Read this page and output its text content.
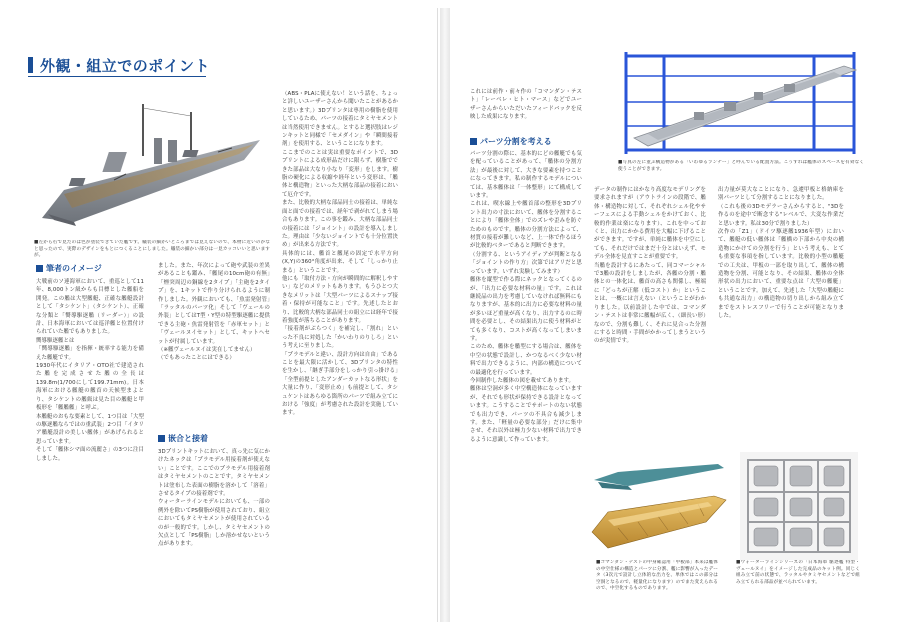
外観・組立でのポイント
■左から右で見たのは色が塗装できていた艦です。艤装の細かいところまでは見えないので、本物に近いのかなと思ったので、実際のデザインをもとにつくることにしました。艤装の細かい部分は一見カッコいいと思いますが。
筆者のイメージ
大戦前のソ連海軍において、重巡として11年、8,000トン級からも目標とした艦船を開発。この艦は大型艦艇、正確な艦艇設計として「タシケント」（タシケント）、正確な分類と「嚮導駆逐艦（リーダー）」の設計、日本海軍においては巡洋艦と位置付けられていた艦でもありました。
嚮導駆逐艦とは
「嚮導駆逐艦」を指揮・統率する能力を備えた艦艇です。
1930年代にイタリア・OTO社で建造された艦を完成させた艦の全長は139.8m(1/700にして199.71mm)。日本海軍における艦艇の艦首の天候型まよとり、タシケントの艦級は見た目の艦艇と甲板形を「艦艦艦」と呼ぶ。
本艦艇のおもな要素として、1つ目は「大型の駆逐艦ならではの重武装」2つ目「イタリア艦艇設計の美しい艦体」があげられると思っています。
そして「艦体シマ面の流麗さ」の3つに注目しました。
ました。また、年次によって砲や武装の差異があることも鑑み、「艦尾の10cm砲の有無」「煙突周辺の銅線を2タイプ」「主砲を2タイプ」を、1キットで作り分けられるように制作しました。外観においても、「魚雷発射管」「ラッタルのパーツ化」そして「ヴェールの外装」としてはT型・Y型の特型駆逐艦に提供できる主砲・魚雷発射管を「赤軍セット」と「ヴェールヌイセット」として、キットへセットが付属しています。
（※艦ヴェールヌイは実在してません）
（でもあったことにはできる）
嵌合と接着
3Dプリントキットにおいて、真っ先に気にかけたネックは「プラモデル用接着剤が使えない」ことです。ここでのプラモデル用接着剤はタミヤセメントのことです。タミヤセメントは塗布した表面の樹脂を溶かして「溶着」させるタイプの接着剤です。
ウォーターラインモデルにおいても、一部の例外を除いてPS樹脂が使用されており、組立においてもタミヤセメントが使用されているのが一般的です。しかし、タミヤセメントの欠点として「PS樹脂」しか溶かせないという点があります。
（ABS・PLAに使えない！という話を、ちょっと詳しいユーザーさんから聞いたことがあるかと思います。）3Dプリンタは専用の樹脂を使用しているため、パーツの接着にタミヤセメントは当然使用できません。とすると選択肢はレジンキットと同様で「セメダイン」や「瞬間接着剤」を使用する、ということになります。
ここまでのことは実は重要なポイントで、3Dプリントによる成形品だけに限らず、樹脂でできた部品は大なり小なり「変形」をします。樹脂の硬化による収縮や経年という変形は、「艦体と構造物」といった大柄な部品の接着において厄介です。
また、比較的大柄な部品同士の接着は、単純な面と面での接着では、経年で剥がれてしまう場合もあります。この事を鑑み、大柄な部品同士の接着には「ジョイント」の設計を導入しました。理由は「少ないジョイントでも十分位置決め」が出来る方法です。
具体的には、艦首と艦尾の固定で水平方向(X,Y)の360°角度が出来、そして「しっかり止まる」ということです。
他にも「取付方法・方向が瞬間的に解釈しやすい」などのメリットもあります。もうひとつ大きなメリットは「大型パーツによるスナップ接着・保持が可能なこと」です。先述したとおり、比較的大柄な部品同士の組立には経年で接着強度が落ちることがあります。
「接着剤がぶらつく」を補完し、「割れ」といった不良に対処した「かいわりのりしろ」という考えに至りました。
「プラモデルと違い、設計方向は自由」であることを最大限に活かして、3Dプリンタの特性を生かし、「継ぎ手部分をしっかり引っ掛ける」「全型前提としたアンダーカットなる形状」を大量に作り、「変形止め」も前提として、タシュケントはあらゆる箇所のパーツで組み立てにおける「強度」が考慮された設計を実施しています。
これには前作・前々作の「コマンダン・テスト」「レーベレ・ヒト・マース」などでユーザーさんからいただいたフィードバックを反映した成果になります。
パーツ分割を考える
パーツ分割の際に、基本的にどの艦艇でも気を配っていることがあって、「艦体の分割方法」が最後に対して、大きな要素を持つことになってきます。私の制作するモデルについては、基本艦体は「一体整形」にて構成しています。
これは、喫水線上や艦首部の整形を3Dプリント出力の寸法において、艦体を分割することにより「艦体全体」でのズレや歪みを防ぐためのものです。艦体の分割方法によって、材質の接着が難しいなど、上一体で作るほうが比較的ベターであると判断できます。
（分割する、というアイディアが判断となる「ジョイントの作り方」次第ではアリだと思っています。いずれ実験してみます）
艦体を縦型で作る際にネックとなってくるのが、「出力に必要な材料の量」です。これは継続品の出力を考慮していなければ無料にもなりますが、基本的に出力に必要な材料の量が多いほど重量が高くなり、出力するのに時間を必要とし、その結果出力に使う材料がとても多くなり、コストが高くなってしまいます。
このため、艦体を艦型にする場合は、艦体を中空の状態で設計し、かつなるべく少ない材料で出力できるように、内部の構造についての最適化を行っています。
今回制作した艦体の図を載せてあります。
艦体は空洞が多く中空構造体になっていますが、それでも形状が保持できる設計となっています。こうすることでサポートのない状態でも出力でき、パーツの不具合も減少します。また、「軽量の必要な部分」だけに集中させ、それ以外は極力少ない材料で出力できるように意識して作っています。
■写真の左に並ぶ構造物がある「いわゆるランナー」と呼んでいる配置方法。こうすれば艦体のスペースを有効なく使うことができます。
データの制作にはかなり高度なモデリングを要求されますが（アウトラインの段階で、艦体・構造物に対して、それぞれシェル化やサーフェスによる手動シェルをかけておく、比較的作業は楽になります）、これを中っておくと、出力にかかる費用を大幅に下げることができます。ですが、単純に艦体を中空にしても、それだけではまだ十分とはいえず、モデル全体を見直すことが重要です。
当艦を設計するにあたって、同コマーシャルで3艦の設計をしましたが、各艦の分割・艦体との一体化は、艦首の高さも関係し、極端に「どっちが正解（低コスト）か」ということは、一概には言えない（ということがわかりました。以前設計した中では、コマンダン・テストは非常に艦幅が広く、（細長い形）なので、分割も難しく、それに見合った分割にすると時間・手間がかかってしまうというのが実情です。
出力量が莫大なことになり、急遽甲板と格納庫を別パーツとして分割することになりました。
（これも後の3Dモデラーさんからすると、"3Dを作るのを途中で断念する"レベルで、大変な作業だと思います。私は30分で割りました）
次作の「Z1」（ドイツ駆逐艦1936年型）において、艦艇の低い艦体は「艦橋の下部から中央の構造物にかけての分割を行う」という考えも、とても重要な事項を指しています。比較的小型の艦艇での工夫は、甲板の一部を取り出して、艦体の構造物を分割、可能となり、その結果、艦体の全体形状の出力において、重要な点は「大型の艦艇」ということです。加えて、先述した「大型の艦艇にも共通な出力」の構造物の切り出しから組み立てまでをストレスフリーで行うことが可能となりました。
■コマンダン・テストの中身確認用「甲板部」本来は艦体の中空仕様の構造とパーツに分割、艦に影響が入ったデータ（3次元で設計し立体的な出力を、単体ではこの部分は空洞となるので、軽量化になります）のでまた変えられるので、中空化するものであります。
■ウォーターラインシリーズの「日本海軍 駆逐艦 特型・ヴェールヌイ」をイメージした完成品のキット例。同じく組み立て前の状態で、ラッタルやタミヤセメントなどで組み立てられる部品が並べられています。
